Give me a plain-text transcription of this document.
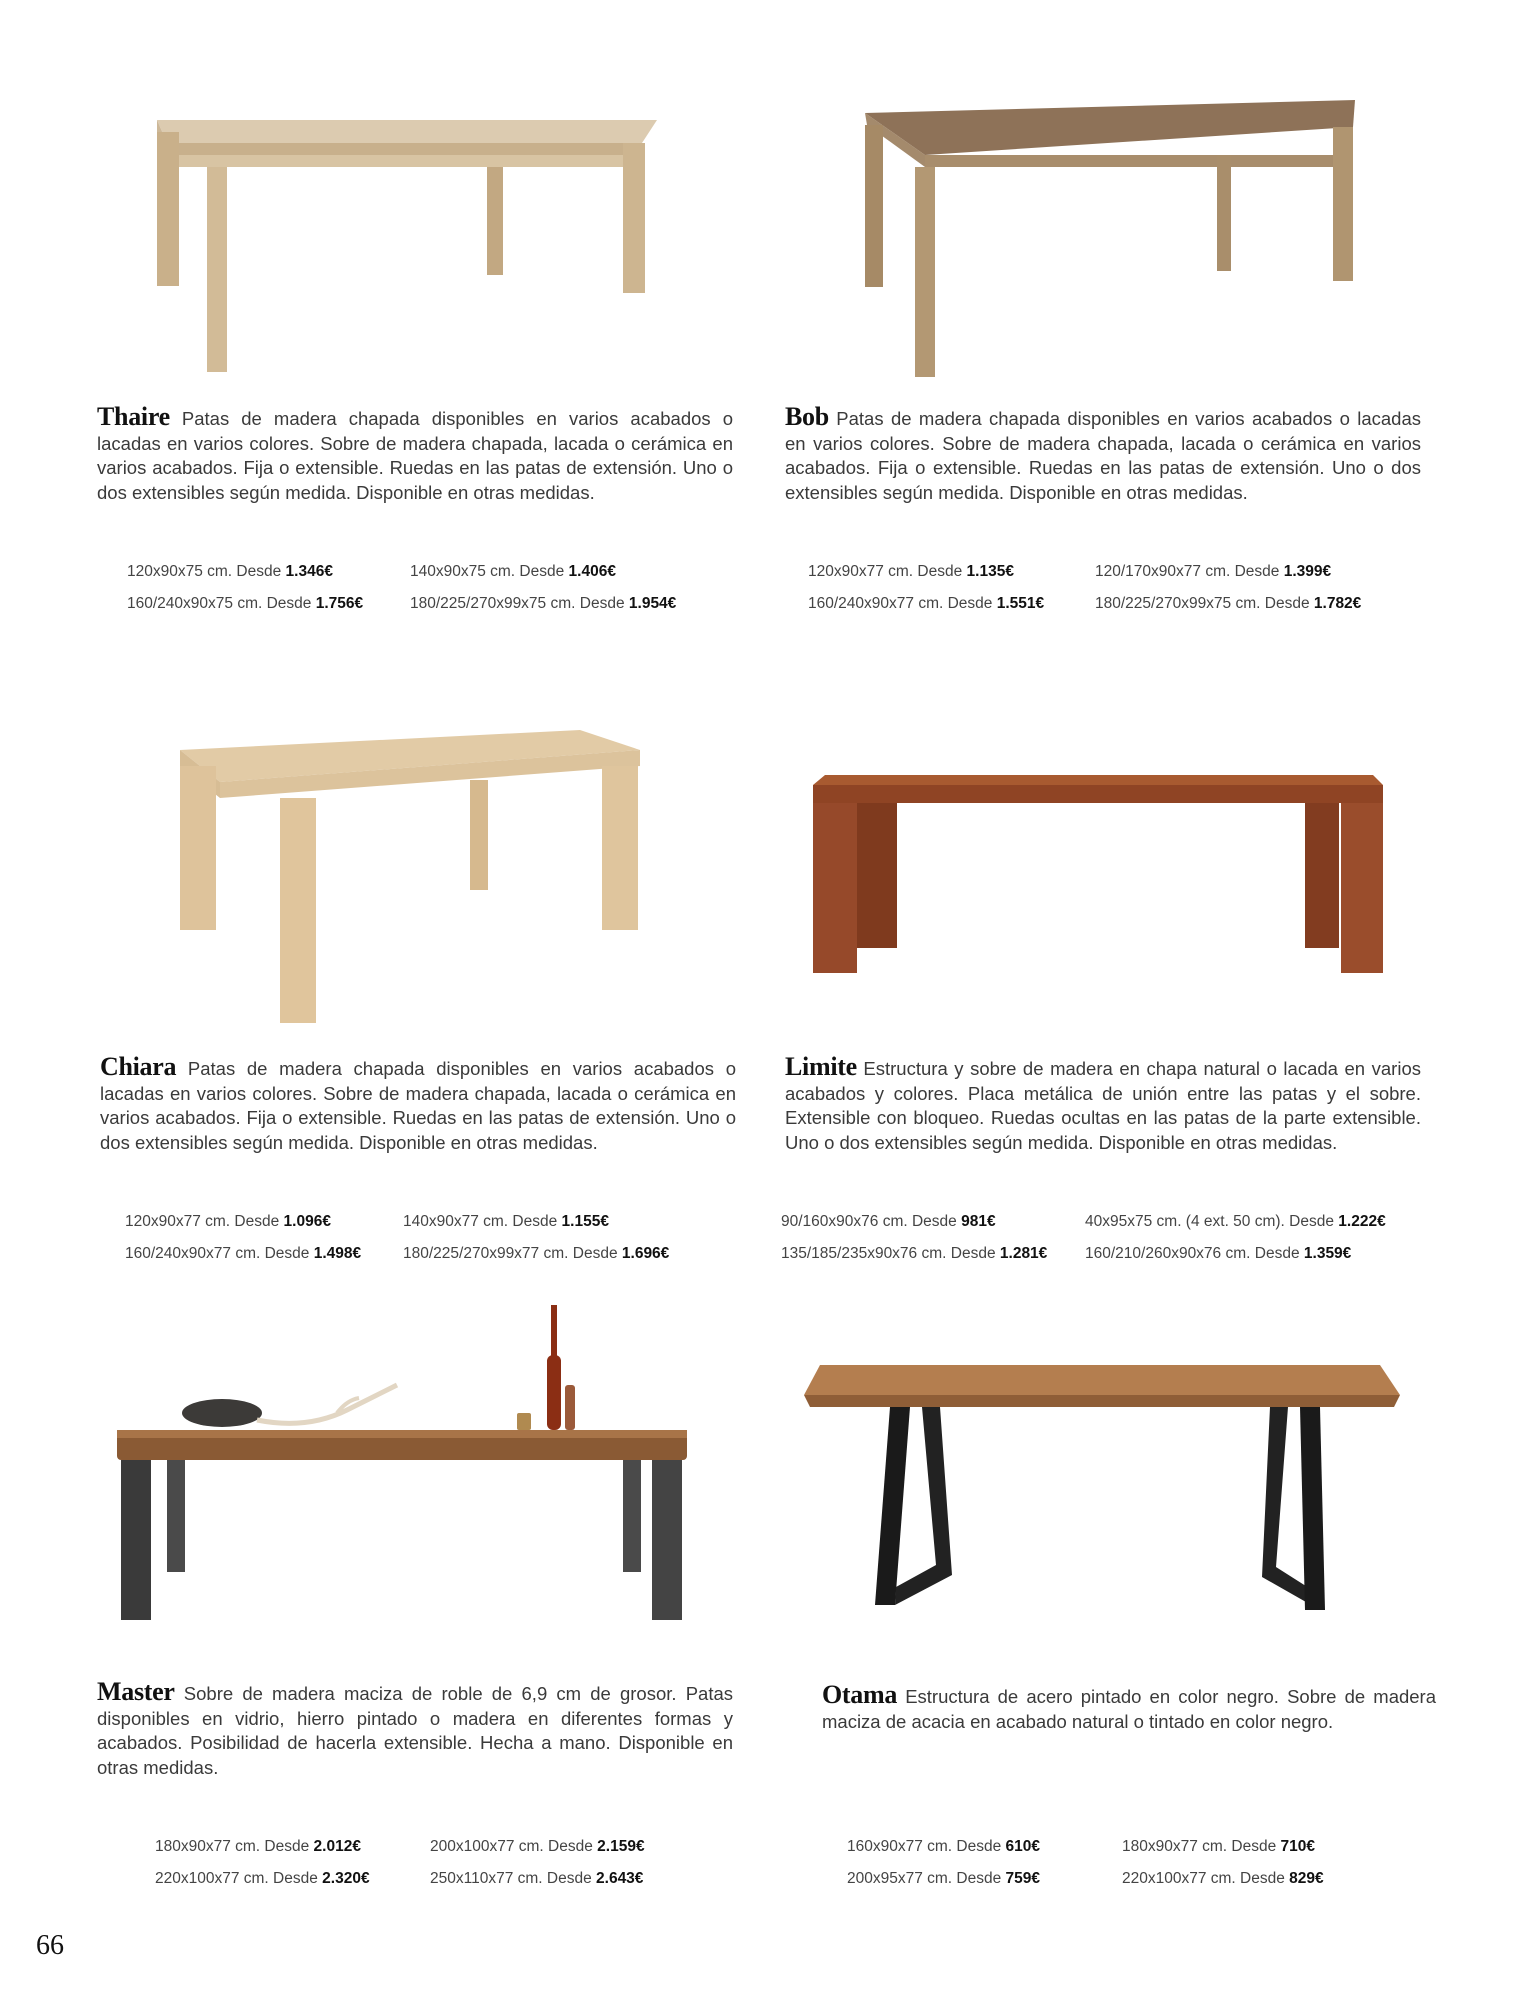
Thaire Patas de madera chapada disponibles en varios acabados o lacadas en varios colores. Sobre de madera chapada, lacada o cerámica en varios acabados. Fija o extensible. Ruedas en las patas de extensión. Uno o dos extensibles según medida. Disponible en otras medidas.
120x90x75 cm. Desde 1.346€	140x90x75 cm. Desde 1.406€
160/240x90x75 cm. Desde 1.756€	180/225/270x99x75 cm. Desde 1.954€
Bob Patas de madera chapada disponibles en varios acabados o lacadas en varios colores. Sobre de madera chapada, lacada o cerámica en varios acabados. Fija o extensible. Ruedas en las patas de extensión. Uno o dos extensibles según medida. Disponible en otras medidas.
120x90x77 cm. Desde 1.135€	120/170x90x77 cm. Desde 1.399€
160/240x90x77 cm. Desde 1.551€	180/225/270x99x75 cm. Desde 1.782€
Chiara Patas de madera chapada disponibles en varios acabados o lacadas en varios colores. Sobre de madera chapada, lacada o cerámica en varios acabados. Fija o extensible. Ruedas en las patas de extensión. Uno o dos extensibles según medida. Disponible en otras medidas.
120x90x77 cm. Desde 1.096€	140x90x77 cm. Desde 1.155€
160/240x90x77 cm. Desde 1.498€	180/225/270x99x77 cm. Desde 1.696€
Limite Estructura y sobre de madera en chapa natural o lacada en varios acabados y colores. Placa metálica de unión entre las patas y el sobre. Extensible con bloqueo. Ruedas ocultas en las patas de la parte extensible. Uno o dos extensibles según medida. Disponible en otras medidas.
90/160x90x76 cm. Desde 981€	40x95x75 cm. (4 ext. 50 cm). Desde 1.222€
135/185/235x90x76 cm. Desde 1.281€ 160/210/260x90x76 cm. Desde 1.359€
Master Sobre de madera maciza de roble de 6,9 cm de grosor. Patas disponibles en vidrio, hierro pintado o madera en diferentes formas y acabados. Posibilidad de hacerla extensible. Hecha a mano. Disponible en otras medidas.
180x90x77 cm. Desde 2.012€	200x100x77 cm. Desde 2.159€
220x100x77 cm. Desde 2.320€	250x110x77 cm. Desde 2.643€
Otama Estructura de acero pintado en color negro. Sobre de madera maciza de acacia en acabado natural o tintado en color negro.
160x90x77 cm. Desde 610€	180x90x77 cm. Desde 710€
200x95x77 cm. Desde 759€	220x100x77 cm. Desde 829€
66
